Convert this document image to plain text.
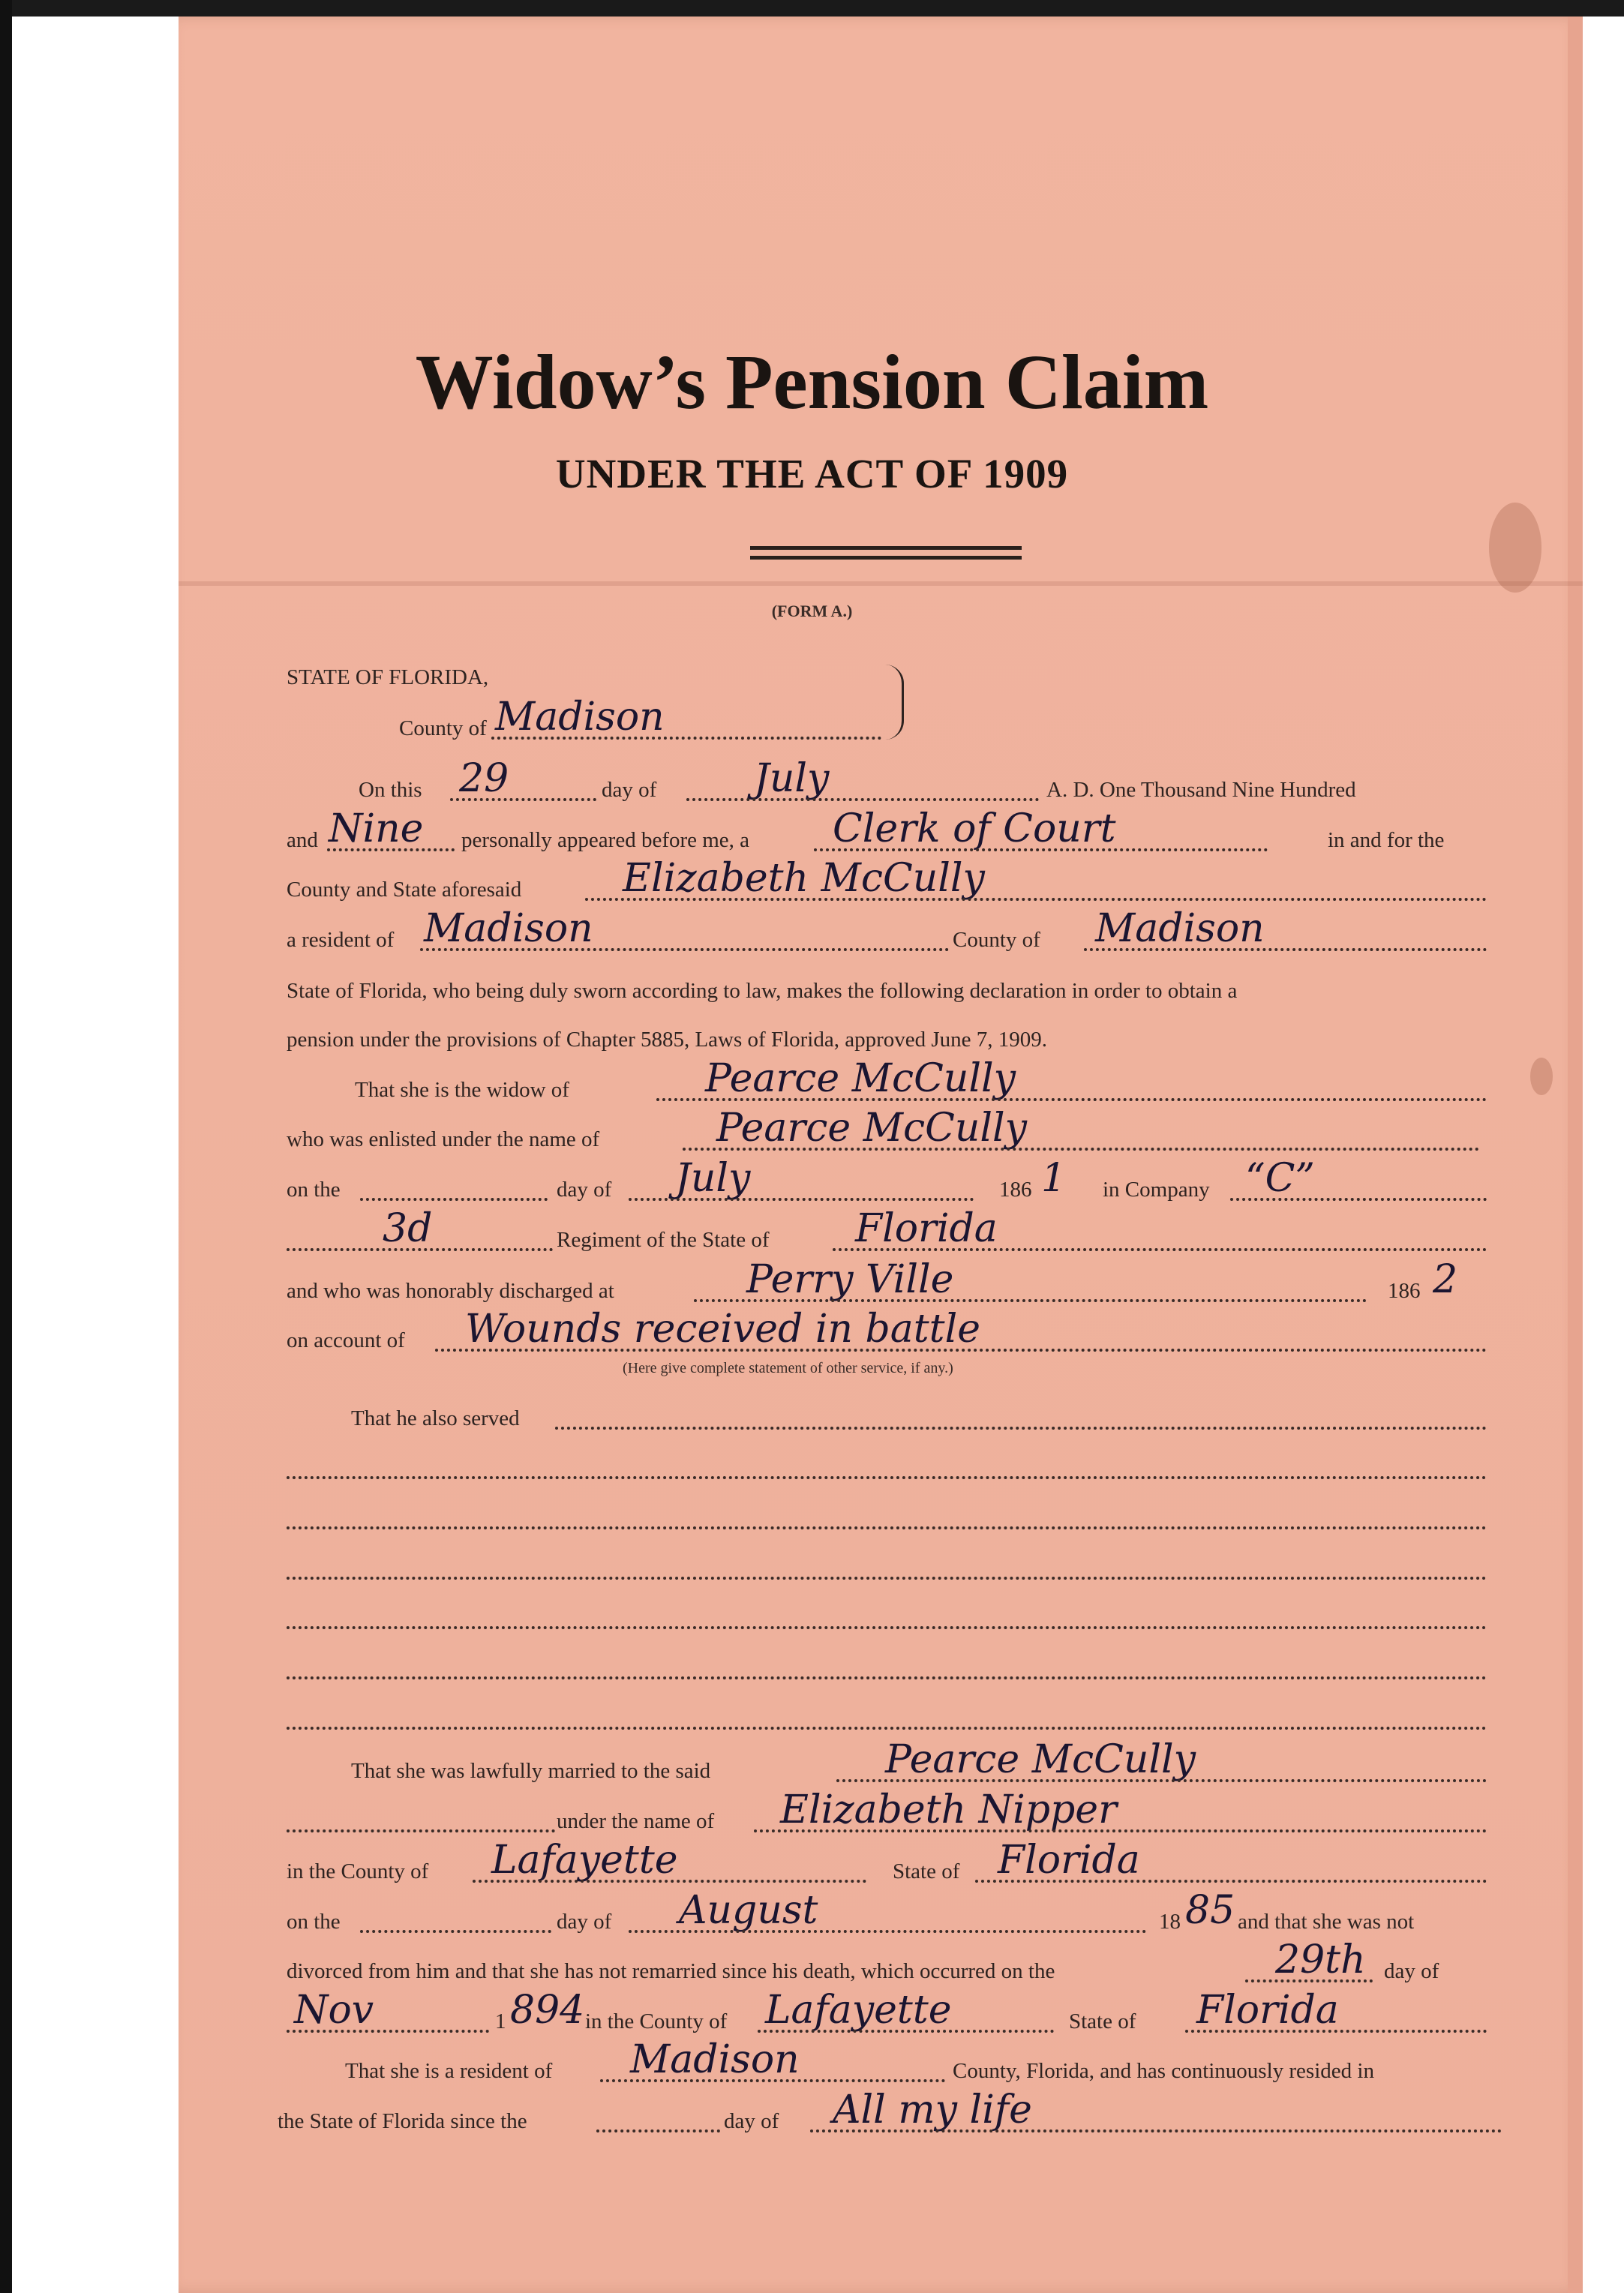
Widow’s Pension Claim
UNDER THE ACT OF 1909
(FORM A.)
STATE OF FLORIDA,
County of Madison
On this 29	day of July	A. D. One Thousand Nine Hundred
and Nine personally appeared before me, a Clerk of Court	in and for the
County and State aforesaid	Elizabeth McCully
a resident of Madison	County of Madison
State of Florida, who being duly sworn according to law, makes the following declaration in order to obtain a
pension under the provisions of Chapter 5885, Laws of Florida, approved June 7, 1909.
That she is the widow of	Pearce McCully
who was enlisted under the name of	Pearce McCully
on the	day of July	186 1 in Company “C”
3d	Regiment of the State of Florida
and who was honorably discharged at	Perry Ville	186 2
on account of Wounds received in battle
(Here give complete statement of other service, if any.)
That he also served
That she was lawfully married to the said	Pearce McCully
under the name of Elizabeth Nipper
in the County of Lafayette	State of Florida
on the	day of August	18 85 and that she was not
divorced from him and that she has not remarried since his death, which occurred on the	29th day of
Nov	1 894 in the County of Lafayette	State of Florida
That she is a resident of Madison	County, Florida, and has continuously resided in
the State of Florida since the	day of All my life
